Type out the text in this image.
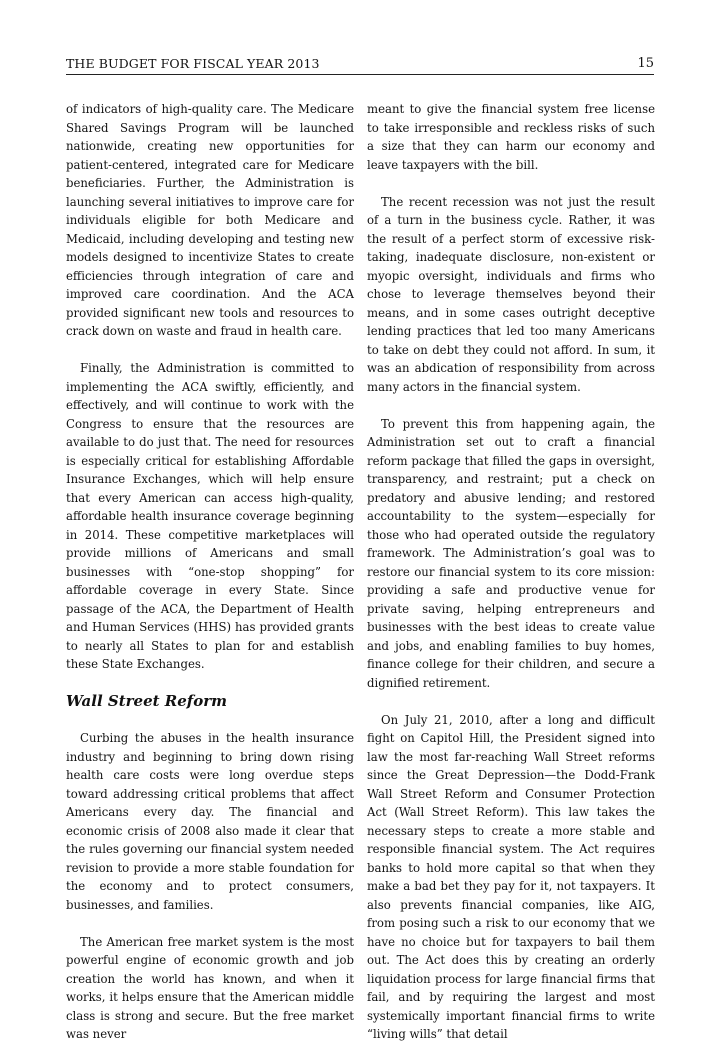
THE BUDGET FOR FISCAL YEAR 2013	15

of indicators of high-quality care. The Medicare Shared Savings Program will be launched nationwide, creating new opportunities for patient-centered, integrated care for Medicare beneficiaries. Further, the Administration is launching several initiatives to improve care for individuals eligible for both Medicare and Medicaid, including developing and testing new models designed to incentivize States to create efficiencies through integration of care and improved care coordination. And the ACA provided significant new tools and resources to crack down on waste and fraud in health care.

Finally, the Administration is committed to implementing the ACA swiftly, efficiently, and effectively, and will continue to work with the Congress to ensure that the resources are available to do just that. The need for resources is especially critical for establishing Affordable Insurance Exchanges, which will help ensure that every American can access high-quality, affordable health insurance coverage beginning in 2014. These competitive marketplaces will provide millions of Americans and small businesses with “one-stop shopping” for affordable coverage in every State. Since passage of the ACA, the Department of Health and Human Services (HHS) has provided grants to nearly all States to plan for and establish these State Exchanges.

Wall Street Reform

Curbing the abuses in the health insurance industry and beginning to bring down rising health care costs were long overdue steps toward addressing critical problems that affect Americans every day. The financial and economic crisis of 2008 also made it clear that the rules governing our financial system needed revision to provide a more stable foundation for the economy and to protect consumers, businesses, and families.

The American free market system is the most powerful engine of economic growth and job creation the world has known, and when it works, it helps ensure that the American middle class is strong and secure. But the free market was never

meant to give the financial system free license to take irresponsible and reckless risks of such a size that they can harm our economy and leave taxpayers with the bill.

The recent recession was not just the result of a turn in the business cycle. Rather, it was the result of a perfect storm of excessive risk-taking, inadequate disclosure, non-existent or myopic oversight, individuals and firms who chose to leverage themselves beyond their means, and in some cases outright deceptive lending practices that led too many Americans to take on debt they could not afford. In sum, it was an abdication of responsibility from across many actors in the financial system.

To prevent this from happening again, the Administration set out to craft a financial reform package that filled the gaps in oversight, transparency, and restraint; put a check on predatory and abusive lending; and restored accountability to the system—especially for those who had operated outside the regulatory framework. The Administration’s goal was to restore our financial system to its core mission: providing a safe and productive venue for private saving, helping entrepreneurs and businesses with the best ideas to create value and jobs, and enabling families to buy homes, finance college for their children, and secure a dignified retirement.

On July 21, 2010, after a long and difficult fight on Capitol Hill, the President signed into law the most far-reaching Wall Street reforms since the Great Depression—the Dodd-Frank Wall Street Reform and Consumer Protection Act (Wall Street Reform). This law takes the necessary steps to create a more stable and responsible financial system. The Act requires banks to hold more capital so that when they make a bad bet they pay for it, not taxpayers. It also prevents financial companies, like AIG, from posing such a risk to our economy that we have no choice but for taxpayers to bail them out. The Act does this by creating an orderly liquidation process for large financial firms that fail, and by requiring the largest and most systemically important financial firms to write “living wills” that detail
